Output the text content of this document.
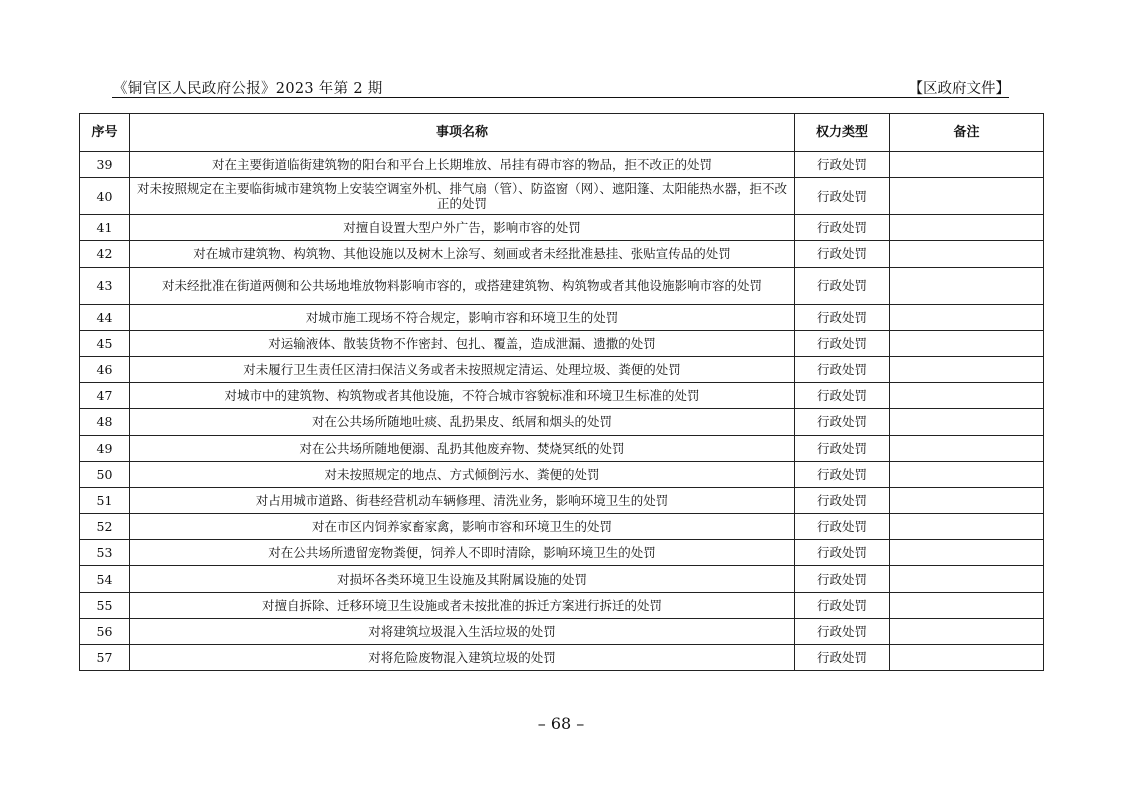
《铜官区人民政府公报》2023 年第 2 期	【区政府文件】
序号	事项名称	权力类型	备注
39	对在主要街道临街建筑物的阳台和平台上长期堆放、吊挂有碍市容的物品，拒不改正的处罚	行政处罚	
40	对未按照规定在主要临街城市建筑物上安装空调室外机、排气扇（管）、防盗窗（网）、遮阳篷、太阳能热水器，拒不改正的处罚	行政处罚	
41	对擅自设置大型户外广告，影响市容的处罚	行政处罚	
42	对在城市建筑物、构筑物、其他设施以及树木上涂写、刻画或者未经批准悬挂、张贴宣传品的处罚	行政处罚	
43	对未经批准在街道两侧和公共场地堆放物料影响市容的，或搭建建筑物、构筑物或者其他设施影响市容的处罚	行政处罚	
44	对城市施工现场不符合规定，影响市容和环境卫生的处罚	行政处罚	
45	对运输液体、散装货物不作密封、包扎、覆盖，造成泄漏、遗撒的处罚	行政处罚	
46	对未履行卫生责任区清扫保洁义务或者未按照规定清运、处理垃圾、粪便的处罚	行政处罚	
47	对城市中的建筑物、构筑物或者其他设施，不符合城市容貌标准和环境卫生标准的处罚	行政处罚	
48	对在公共场所随地吐痰、乱扔果皮、纸屑和烟头的处罚	行政处罚	
49	对在公共场所随地便溺、乱扔其他废弃物、焚烧冥纸的处罚	行政处罚	
50	对未按照规定的地点、方式倾倒污水、粪便的处罚	行政处罚	
51	对占用城市道路、街巷经营机动车辆修理、清洗业务，影响环境卫生的处罚	行政处罚	
52	对在市区内饲养家畜家禽，影响市容和环境卫生的处罚	行政处罚	
53	对在公共场所遗留宠物粪便，饲养人不即时清除，影响环境卫生的处罚	行政处罚	
54	对损坏各类环境卫生设施及其附属设施的处罚	行政处罚	
55	对擅自拆除、迁移环境卫生设施或者未按批准的拆迁方案进行拆迁的处罚	行政处罚	
56	对将建筑垃圾混入生活垃圾的处罚	行政处罚	
57	对将危险废物混入建筑垃圾的处罚	行政处罚	
– 68 –
